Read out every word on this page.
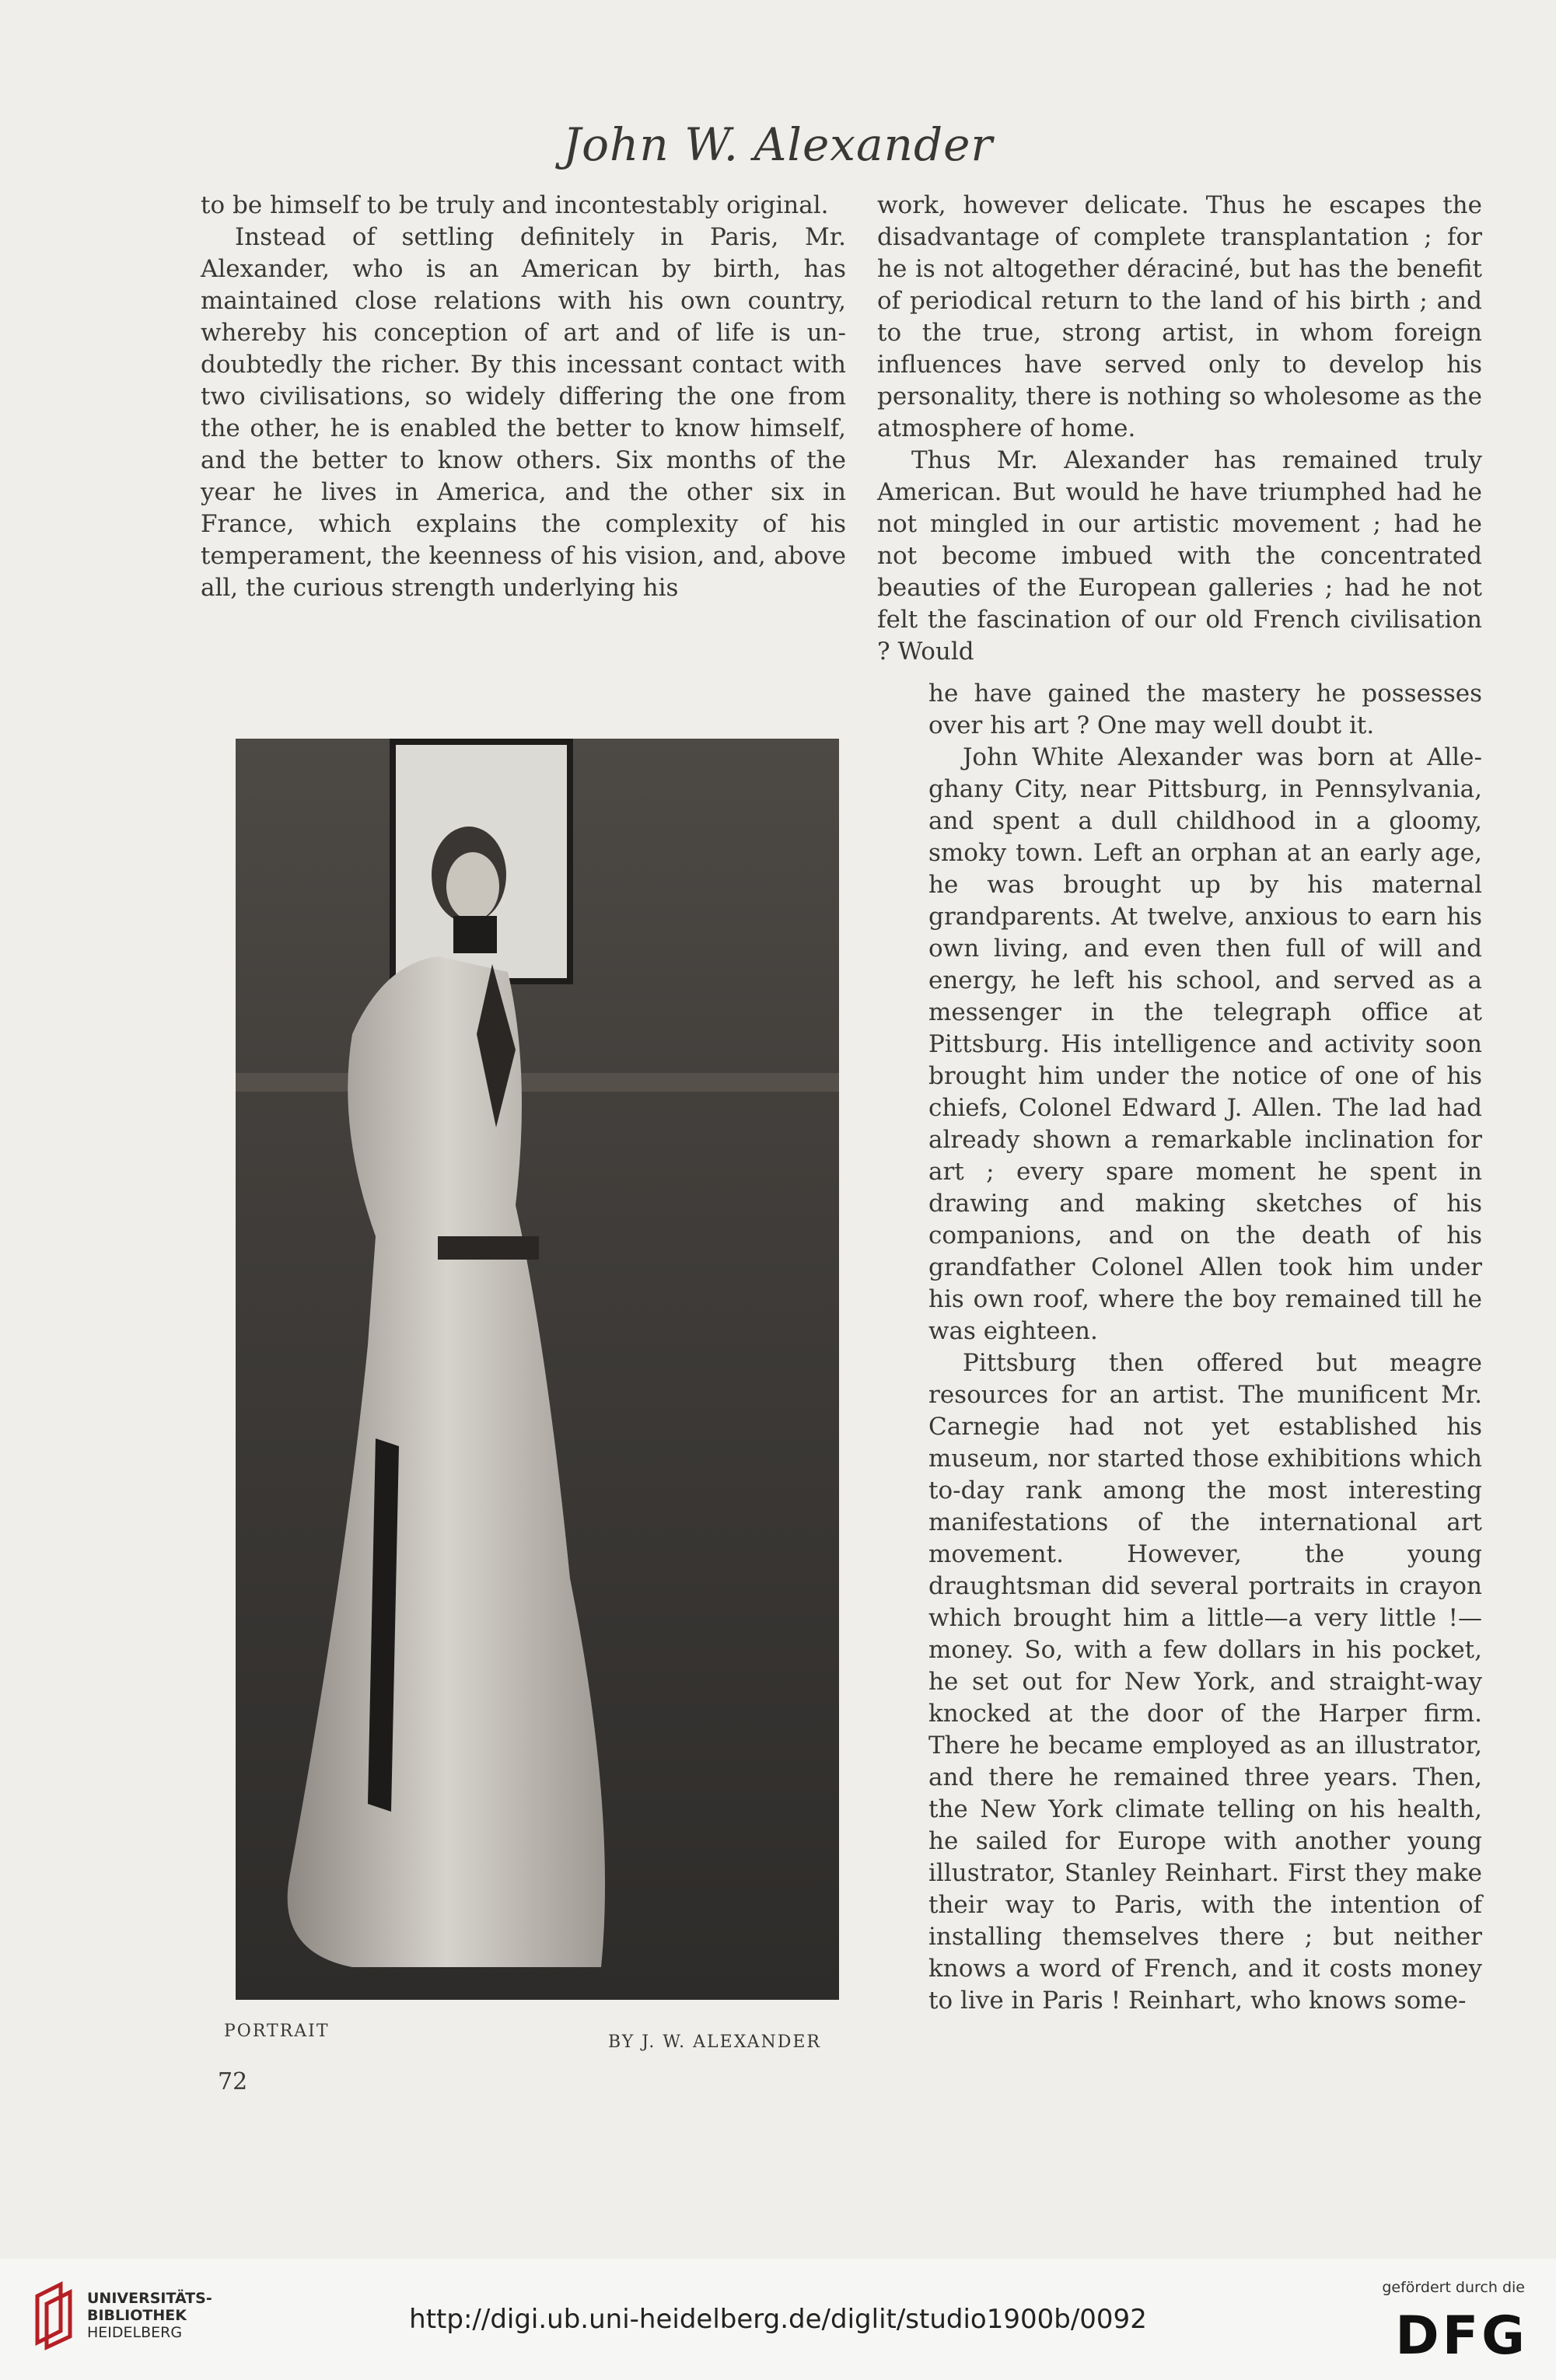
John W. Alexander

to be himself to be truly and incontestably original.

Instead of settling definitely in Paris, Mr. Alexander, who is an American by birth, has maintained close relations with his own country, whereby his conception of art and of life is un-doubtedly the richer. By this incessant contact with two civilisations, so widely differing the one from the other, he is enabled the better to know himself, and the better to know others. Six months of the year he lives in America, and the other six in France, which explains the complexity of his temperament, the keenness of his vision, and, above all, the curious strength underlying his

work, however delicate. Thus he escapes the disadvantage of complete transplantation ; for he is not altogether déraciné, but has the benefit of periodical return to the land of his birth ; and to the true, strong artist, in whom foreign influences have served only to develop his personality, there is nothing so wholesome as the atmosphere of home.

Thus Mr. Alexander has remained truly American. But would he have triumphed had he not mingled in our artistic movement ; had he not become imbued with the concentrated beauties of the European galleries ; had he not felt the fascination of our old French civilisation ? Would

he have gained the mastery he possesses over his art ? One may well doubt it.

John White Alexander was born at Alle-ghany City, near Pittsburg, in Pennsylvania, and spent a dull childhood in a gloomy, smoky town. Left an orphan at an early age, he was brought up by his maternal grandparents. At twelve, anxious to earn his own living, and even then full of will and energy, he left his school, and served as a messenger in the telegraph office at Pittsburg. His intelligence and activity soon brought him under the notice of one of his chiefs, Colonel Edward J. Allen. The lad had already shown a remarkable inclination for art ; every spare moment he spent in drawing and making sketches of his companions, and on the death of his grandfather Colonel Allen took him under his own roof, where the boy remained till he was eighteen.

Pittsburg then offered but meagre resources for an artist. The munificent Mr. Carnegie had not yet established his museum, nor started those exhibitions which to-day rank among the most interesting manifestations of the international art movement. However, the young draughtsman did several portraits in crayon which brought him a little—a very little !—money. So, with a few dollars in his pocket, he set out for New York, and straight-way knocked at the door of the Harper firm. There he became employed as an illustrator, and there he remained three years. Then, the New York climate telling on his health, he sailed for Europe with another young illustrator, Stanley Reinhart. First they make their way to Paris, with the intention of installing themselves there ; but neither knows a word of French, and it costs money to live in Paris ! Reinhart, who knows some-

PORTRAIT
BY J. W. ALEXANDER
72
UNIVERSITÄTS-
BIBLIOTHEK
HEIDELBERG	http://digi.ub.uni-heidelberg.de/diglit/studio1900b/0092
gefördert durch die
DFG
